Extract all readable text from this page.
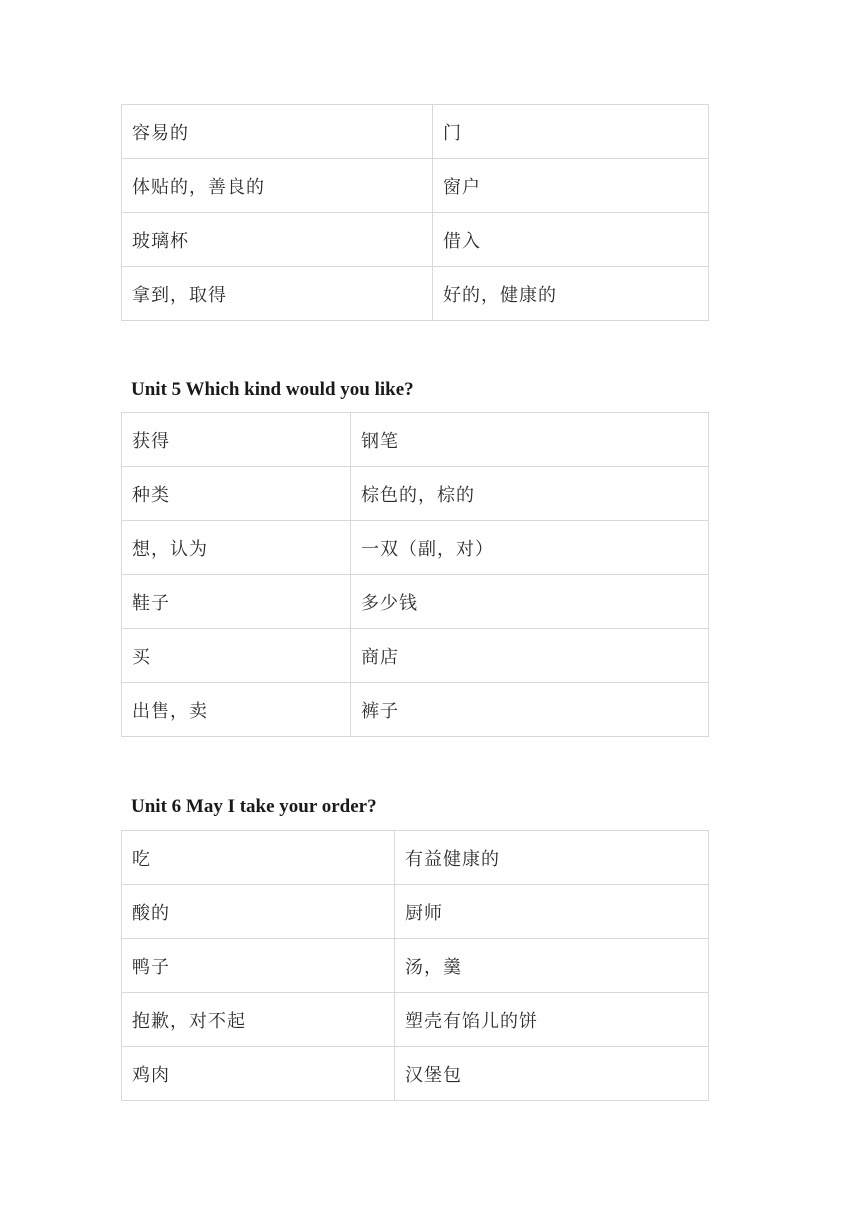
容易的	门
体贴的，善良的	窗户
玻璃杯	借入
拿到，取得	好的，健康的
Unit 5 Which kind would you like?
获得	钢笔
种类	棕色的，棕的
想，认为	一双（副，对）
鞋子	多少钱
买	商店
出售，卖	裤子
Unit 6 May I take your order?
吃	有益健康的
酸的	厨师
鸭子	汤，羹
抱歉，对不起	塑壳有馅儿的饼
鸡肉	汉堡包
